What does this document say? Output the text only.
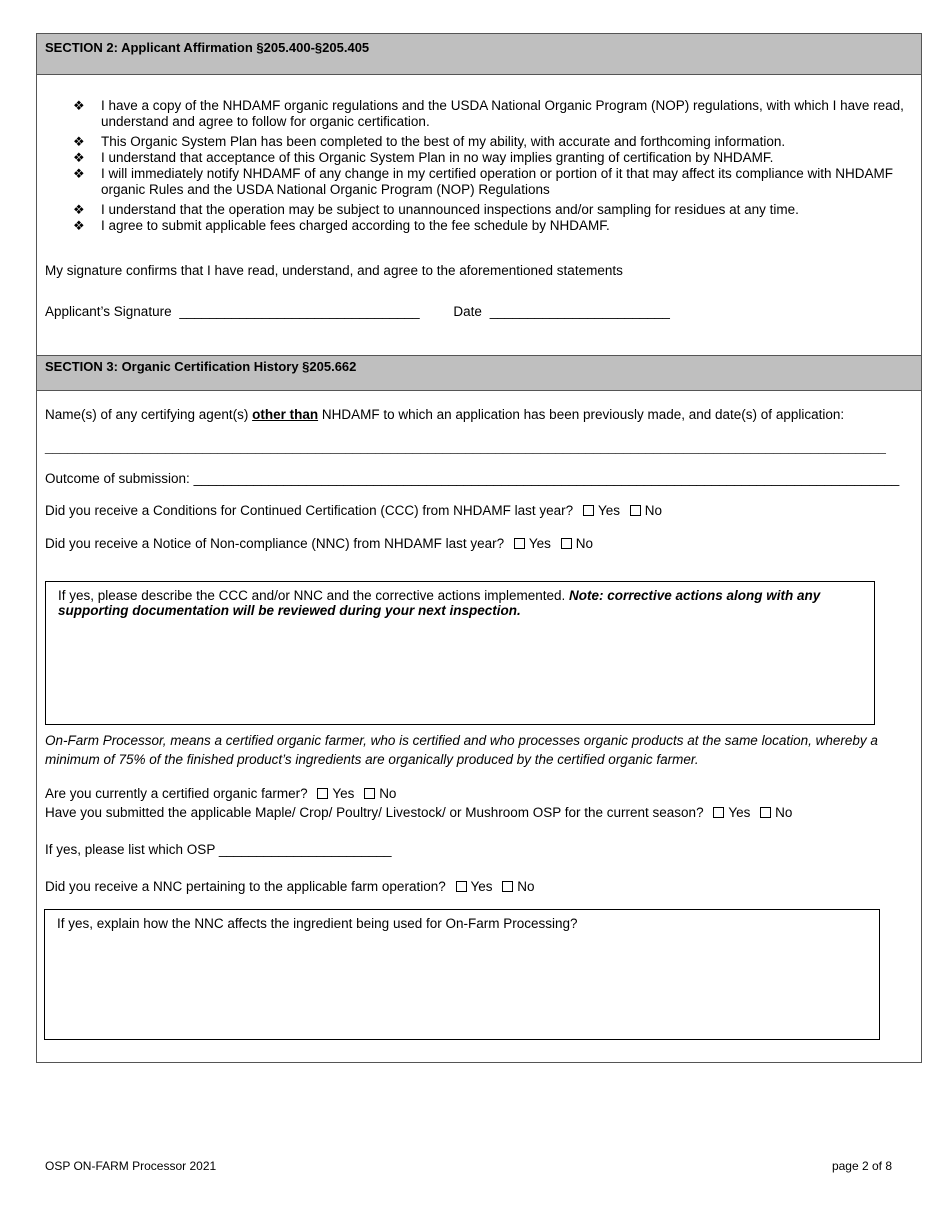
SECTION 2: Applicant Affirmation §205.400-§205.405
❖ I have a copy of the NHDAMF organic regulations and the USDA National Organic Program (NOP) regulations, with which I have read, understand and agree to follow for organic certification.
❖ This Organic System Plan has been completed to the best of my ability, with accurate and forthcoming information.
❖ I understand that acceptance of this Organic System Plan in no way implies granting of certification by NHDAMF.
❖ I will immediately notify NHDAMF of any change in my certified operation or portion of it that may affect its compliance with NHDAMF organic Rules and the USDA National Organic Program (NOP) Regulations
❖ I understand that the operation may be subject to unannounced inspections and/or sampling for residues at any time.
❖ I agree to submit applicable fees charged according to the fee schedule by NHDAMF.
My signature confirms that I have read, understand, and agree to the aforementioned statements
Applicant’s Signature ________________________________	Date ________________________
SECTION 3: Organic Certification History §205.662
Name(s) of any certifying agent(s) other than NHDAMF to which an application has been previously made, and date(s) of application:
________________________________________________________________________________________________________________
Outcome of submission: ______________________________________________________________________________________________
Did you receive a Conditions for Continued Certification (CCC) from NHDAMF last year? Yes No
Did you receive a Notice of Non-compliance (NNC) from NHDAMF last year? Yes No
If yes, please describe the CCC and/or NNC and the corrective actions implemented. Note: corrective actions along with any supporting documentation will be reviewed during your next inspection.
On-Farm Processor, means a certified organic farmer, who is certified and who processes organic products at the same location, whereby a minimum of 75% of the finished product’s ingredients are organically produced by the certified organic farmer.
Are you currently a certified organic farmer? Yes No
Have you submitted the applicable Maple/ Crop/ Poultry/ Livestock/ or Mushroom OSP for the current season? Yes No
If yes, please list which OSP _______________________
Did you receive a NNC pertaining to the applicable farm operation? Yes No
If yes, explain how the NNC affects the ingredient being used for On-Farm Processing?
OSP ON-FARM Processor 2021	page 2 of 8
